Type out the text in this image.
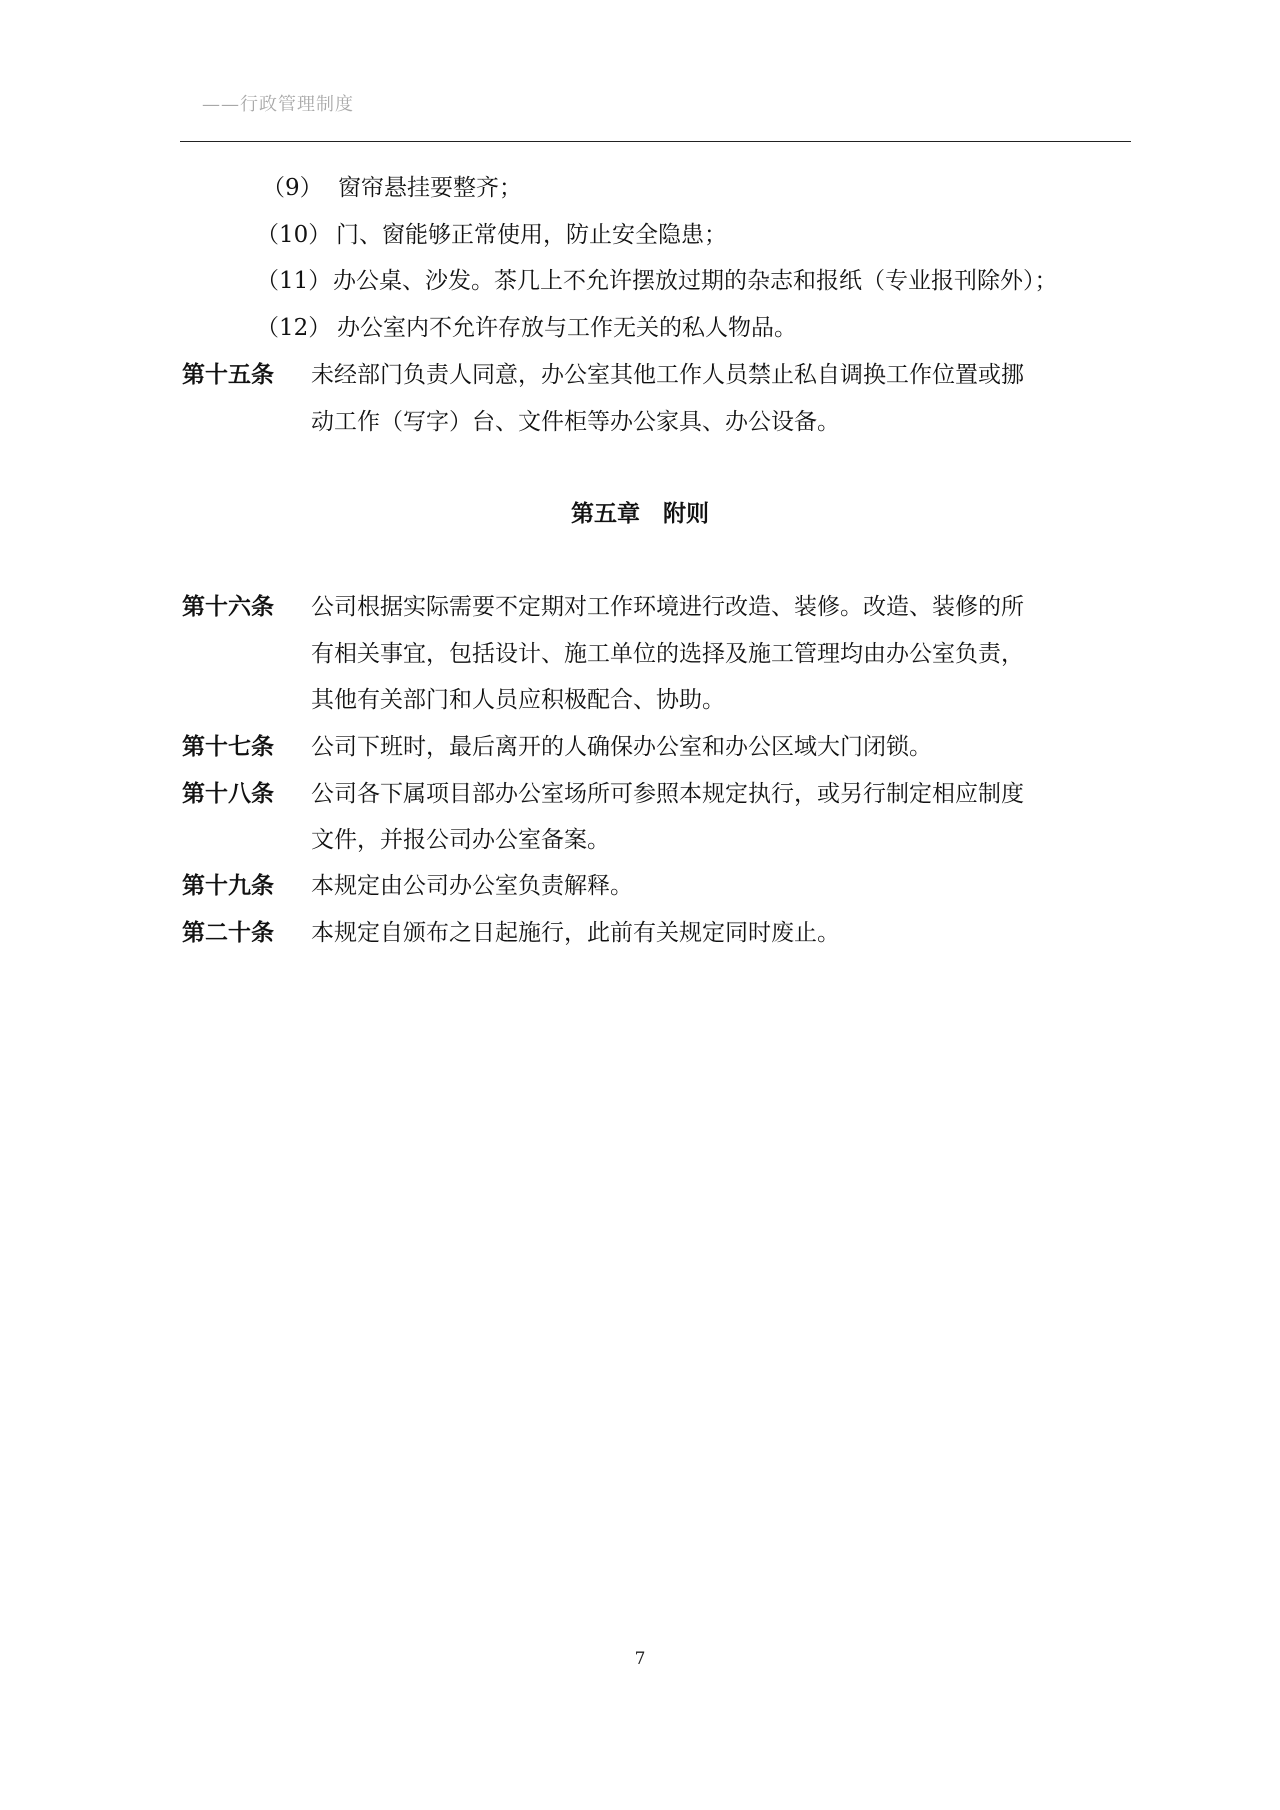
——行政管理制度
（9） 窗帘悬挂要整齐；
（10） 门、窗能够正常使用，防止安全隐患；
（11）办公桌、沙发。茶几上不允许摆放过期的杂志和报纸（专业报刊除外）；
（12） 办公室内不允许存放与工作无关的私人物品。
第十五条 未经部门负责人同意，办公室其他工作人员禁止私自调换工作位置或挪
动工作（写字）台、文件柜等办公家具、办公设备。
第五章　附则
第十六条 公司根据实际需要不定期对工作环境进行改造、装修。改造、装修的所
有相关事宜，包括设计、施工单位的选择及施工管理均由办公室负责，
其他有关部门和人员应积极配合、协助。
第十七条 公司下班时，最后离开的人确保办公室和办公区域大门闭锁。
第十八条 公司各下属项目部办公室场所可参照本规定执行，或另行制定相应制度
文件，并报公司办公室备案。
第十九条 本规定由公司办公室负责解释。
第二十条 本规定自颁布之日起施行，此前有关规定同时废止。
7
